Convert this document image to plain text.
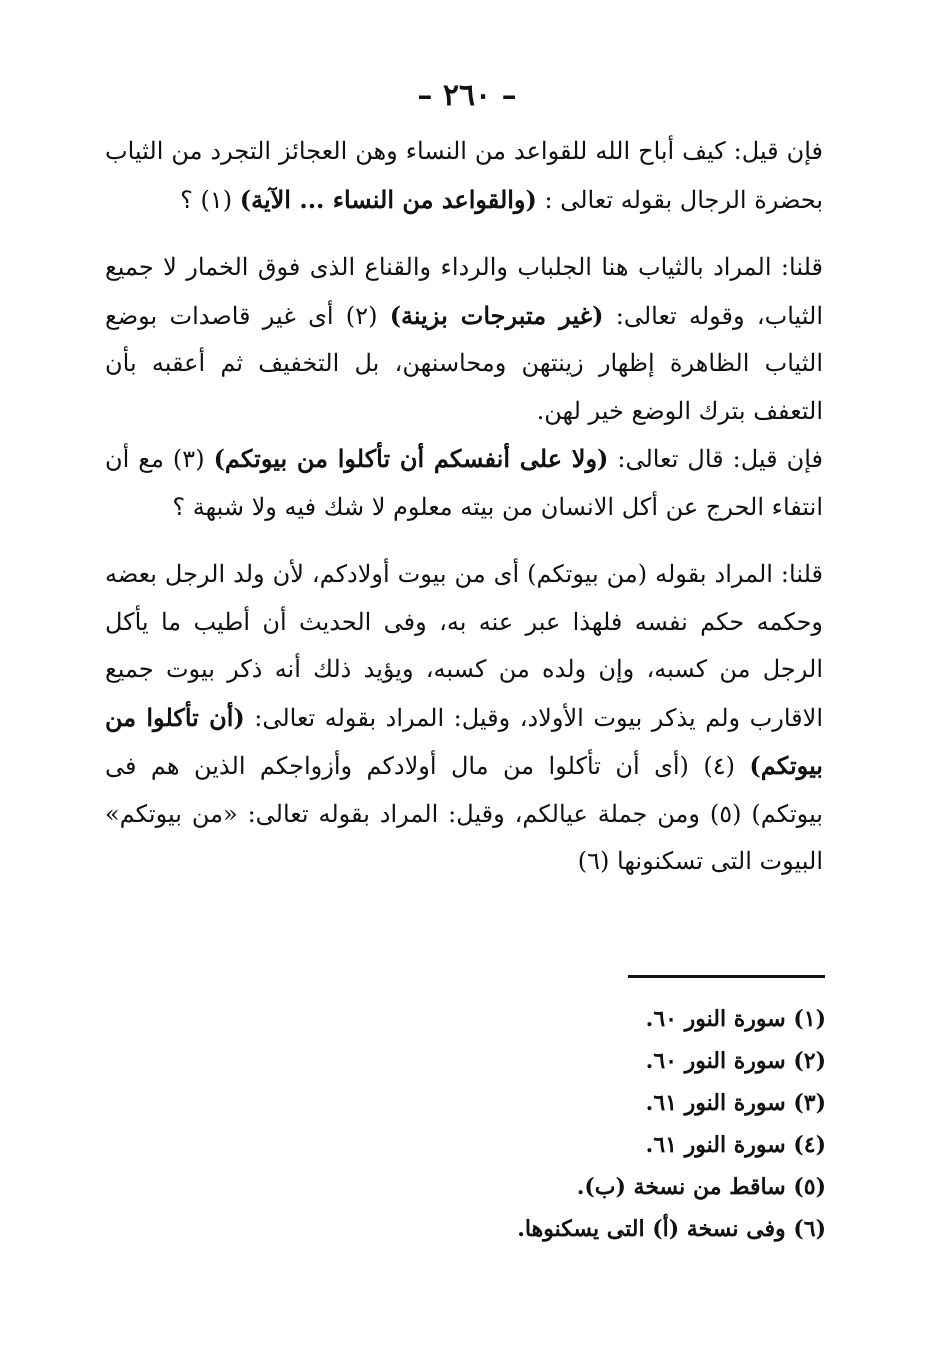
– ٢٦٠ –

فإن قيل: كيف أباح الله للقواعد من النساء وهن العجائز التجرد من الثياب بحضرة الرجال بقوله تعالى : (والقواعد من النساء ... الآية) (١) ؟

قلنا: المراد بالثياب هنا الجلباب والرداء والقناع الذى فوق الخمار لا جميع الثياب، وقوله تعالى: (غير متبرجات بزينة) (٢) أى غير قاصدات بوضع الثياب الظاهرة إظهار زينتهن ومحاسنهن، بل التخفيف ثم أعقبه بأن التعفف بترك الوضع خير لهن.

فإن قيل: قال تعالى: (ولا على أنفسكم أن تأكلوا من بيوتكم) (٣) مع أن انتفاء الحرج عن أكل الانسان من بيته معلوم لا شك فيه ولا شبهة ؟

قلنا: المراد بقوله (من بيوتكم) أى من بيوت أولادكم، لأن ولد الرجل بعضه وحكمه حكم نفسه فلهذا عبر عنه به، وفى الحديث أن أطيب ما يأكل الرجل من كسبه، وإن ولده من كسبه، ويؤيد ذلك أنه ذكر بيوت جميع الاقارب ولم يذكر بيوت الأولاد، وقيل: المراد بقوله تعالى: (أن تأكلوا من بيوتكم) (٤) (أى أن تأكلوا من مال أولادكم وأزواجكم الذين هم فى بيوتكم) (٥) ومن جملة عيالكم، وقيل: المراد بقوله تعالى: «من بيوتكم» البيوت التى تسكنونها (٦)

(١) سورة النور ٦٠.
(٢) سورة النور ٦٠.
(٣) سورة النور ٦١.
(٤) سورة النور ٦١.
(٥) ساقط من نسخة (ب).
(٦) وفى نسخة (أ) التى يسكنوها.
